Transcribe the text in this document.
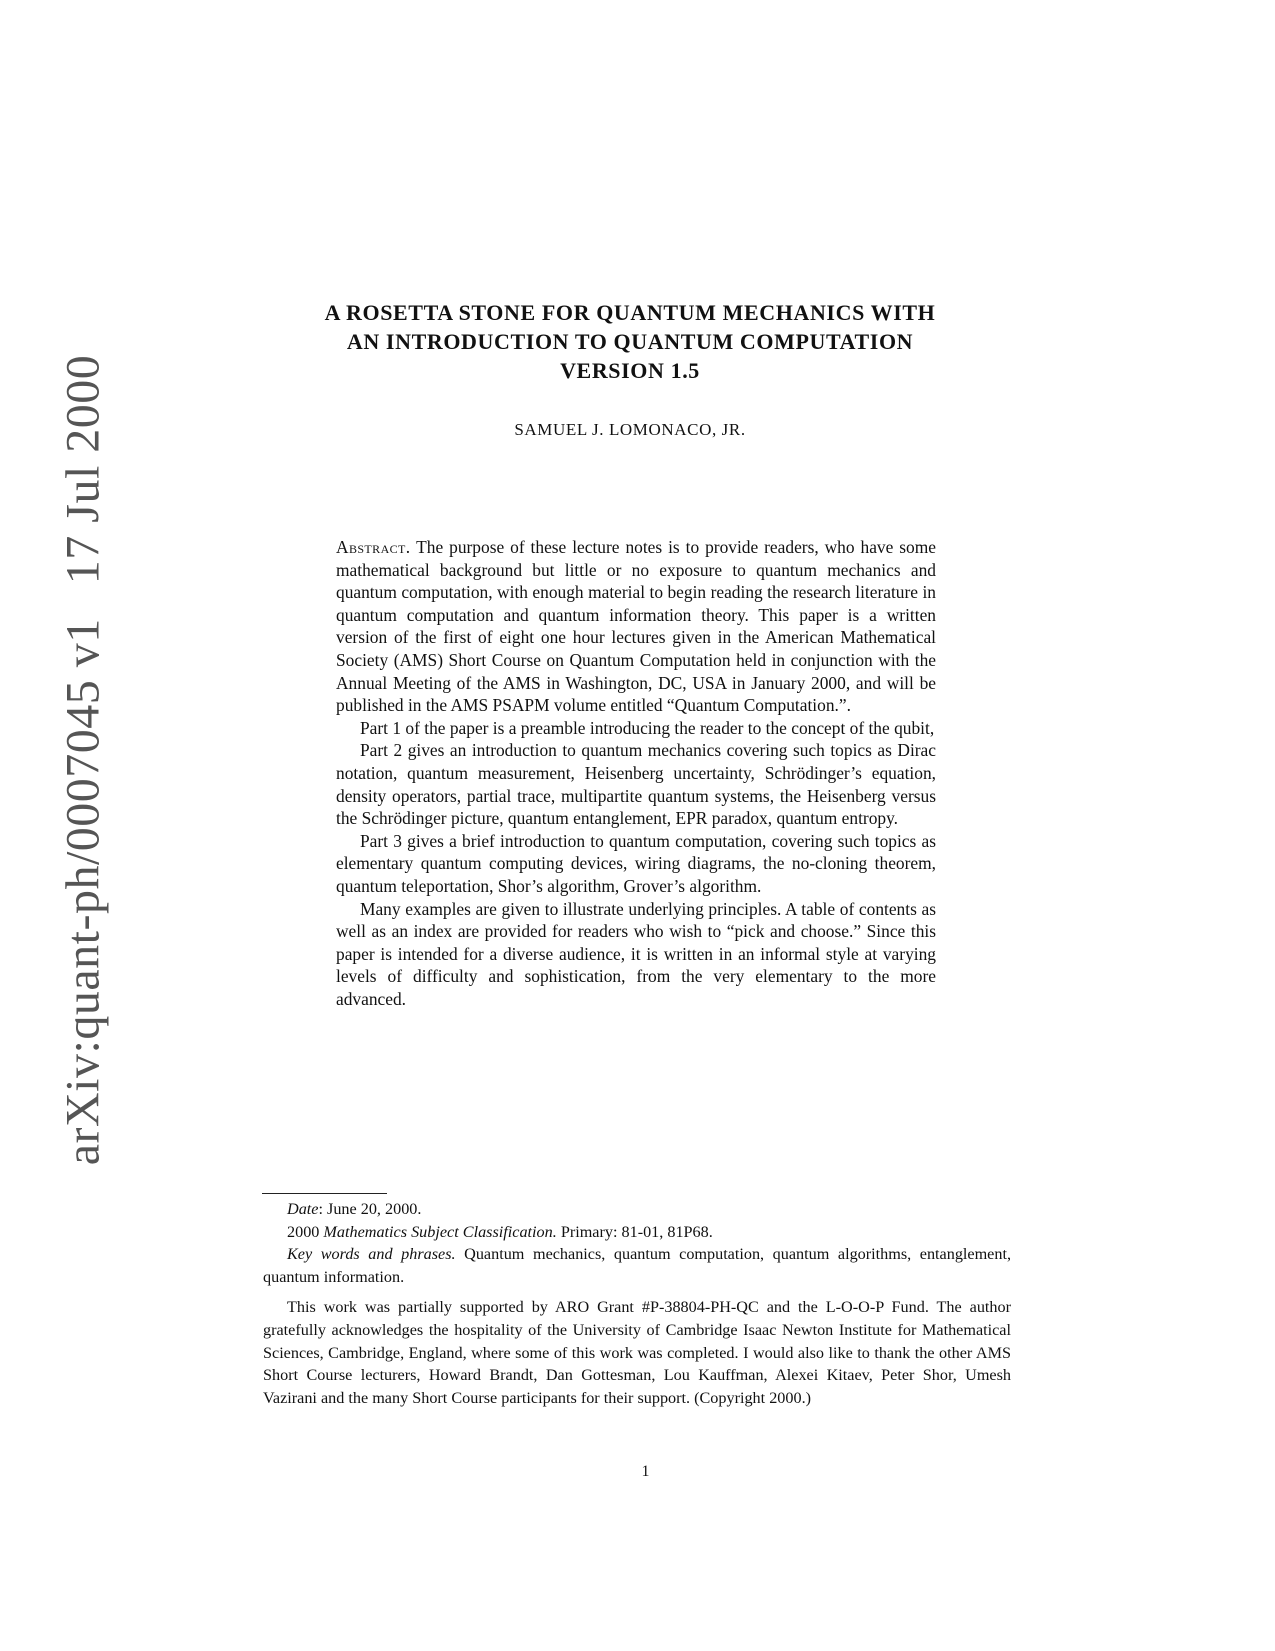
arXiv:quant-ph/0007045 v117 Jul 2000
A ROSETTA STONE FOR QUANTUM MECHANICS WITH
AN INTRODUCTION TO QUANTUM COMPUTATION
VERSION 1.5
SAMUEL J. LOMONACO, JR.

Abstract. The purpose of these lecture notes is to provide readers, who have some mathematical background but little or no exposure to quantum mechanics and quantum computation, with enough material to begin reading the research literature in quantum computation and quantum information theory. This paper is a written version of the first of eight one hour lectures given in the American Mathematical Society (AMS) Short Course on Quantum Computation held in conjunction with the Annual Meeting of the AMS in Washington, DC, USA in January 2000, and will be published in the AMS PSAPM volume entitled “Quantum Computation.”.

Part 1 of the paper is a preamble introducing the reader to the concept of the qubit,

Part 2 gives an introduction to quantum mechanics covering such topics as Dirac notation, quantum measurement, Heisenberg uncertainty, Schrödinger’s equation, density operators, partial trace, multipartite quantum systems, the Heisenberg versus the Schrödinger picture, quantum entanglement, EPR paradox, quantum entropy.

Part 3 gives a brief introduction to quantum computation, covering such topics as elementary quantum computing devices, wiring diagrams, the no-cloning theorem, quantum teleportation, Shor’s algorithm, Grover’s algorithm.

Many examples are given to illustrate underlying principles. A table of contents as well as an index are provided for readers who wish to “pick and choose.” Since this paper is intended for a diverse audience, it is written in an informal style at varying levels of difficulty and sophistication, from the very elementary to the more advanced.

Date: June 20, 2000.

2000 Mathematics Subject Classification. Primary: 81-01, 81P68.

Key words and phrases. Quantum mechanics, quantum computation, quantum algorithms, entanglement, quantum information.

This work was partially supported by ARO Grant #P-38804-PH-QC and the L-O-O-P Fund. The author gratefully acknowledges the hospitality of the University of Cambridge Isaac Newton Institute for Mathematical Sciences, Cambridge, England, where some of this work was completed. I would also like to thank the other AMS Short Course lecturers, Howard Brandt, Dan Gottesman, Lou Kauffman, Alexei Kitaev, Peter Shor, Umesh Vazirani and the many Short Course participants for their support. (Copyright 2000.)

1
